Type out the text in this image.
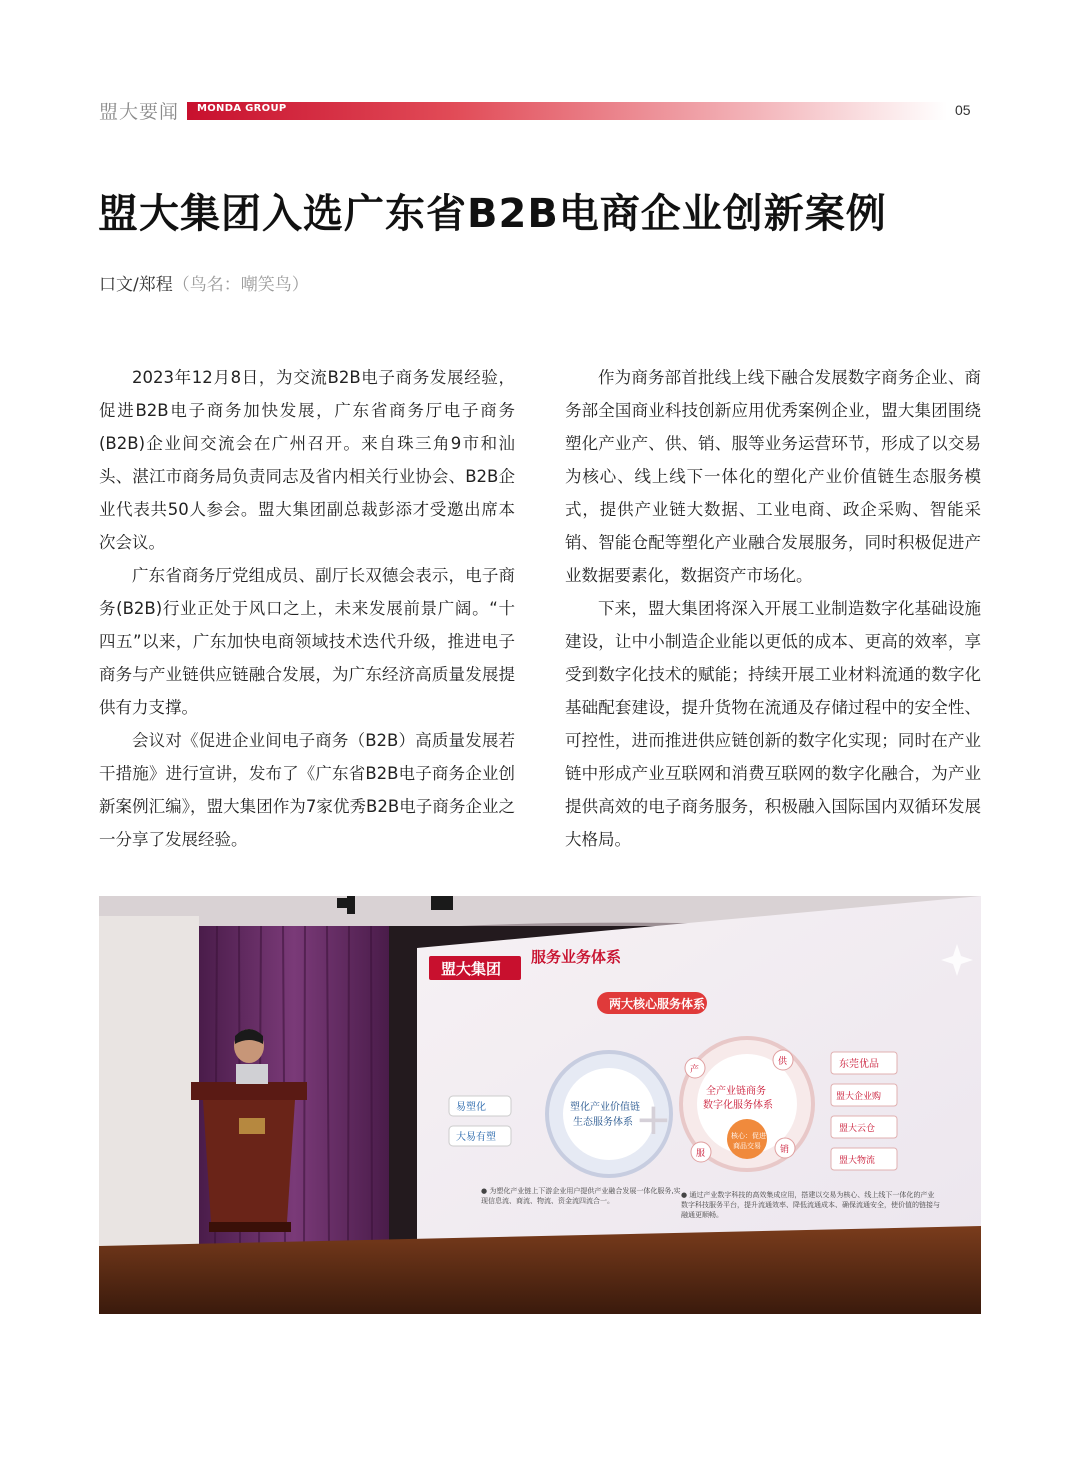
盟大要闻 MONDA GROUP	05
盟大集团入选广东省B2B电商企业创新案例
口文/郑程（鸟名：嘲笑鸟）

2023年12月8日，为交流B2B电子商务发展经验，促进B2B电子商务加快发展，广东省商务厅电子商务(B2B)企业间交流会在广州召开。来自珠三角9市和汕头、湛江市商务局负责同志及省内相关行业协会、B2B企业代表共50人参会。盟大集团副总裁彭添才受邀出席本次会议。

广东省商务厅党组成员、副厅长双德会表示，电子商务(B2B)行业正处于风口之上，未来发展前景广阔。“十四五”以来，广东加快电商领域技术迭代升级，推进电子商务与产业链供应链融合发展，为广东经济高质量发展提供有力支撑。

会议对《促进企业间电子商务（B2B）高质量发展若干措施》进行宣讲，发布了《广东省B2B电子商务企业创新案例汇编》，盟大集团作为7家优秀B2B电子商务企业之一分享了发展经验。

作为商务部首批线上线下融合发展数字商务企业、商务部全国商业科技创新应用优秀案例企业，盟大集团围绕塑化产业产、供、销、服等业务运营环节，形成了以交易为核心、线上线下一体化的塑化产业价值链生态服务模式，提供产业链大数据、工业电商、政企采购、智能采销、智能仓配等塑化产业融合发展服务，同时积极促进产业数据要素化，数据资产市场化。

下来，盟大集团将深入开展工业制造数字化基础设施建设，让中小制造企业能以更低的成本、更高的效率，享受到数字化技术的赋能；持续开展工业材料流通的数字化基础配套建设，提升货物在流通及存储过程中的安全性、可控性，进而推进供应链创新的数字化实现；同时在产业链中形成产业互联网和消费互联网的数字化融合，为产业提供高效的电子商务服务，积极融入国际国内双循环发展大格局。

盟大集团
服务业务体系
两大核心服务体系
易塑化
大易有塑
塑化产业价值链
生态服务体系 +
全产业链商务
数字化服务体系
核心：促进
商品交易
产
供
服	销
东莞优品
盟大企业购
盟大云仓
盟大物流
● 为塑化产业链上下游企业用户提供产业融合发展一体化服务,实现信息流、商流、物流、资金流四流合一。
● 通过产业数字科技的高效集成应用，搭建以交易为核心、线上线下一体化的产业数字科技服务平台，提升流通效率、降低流通成本、确保流通安全，使价值的链接与融通更顺畅。
